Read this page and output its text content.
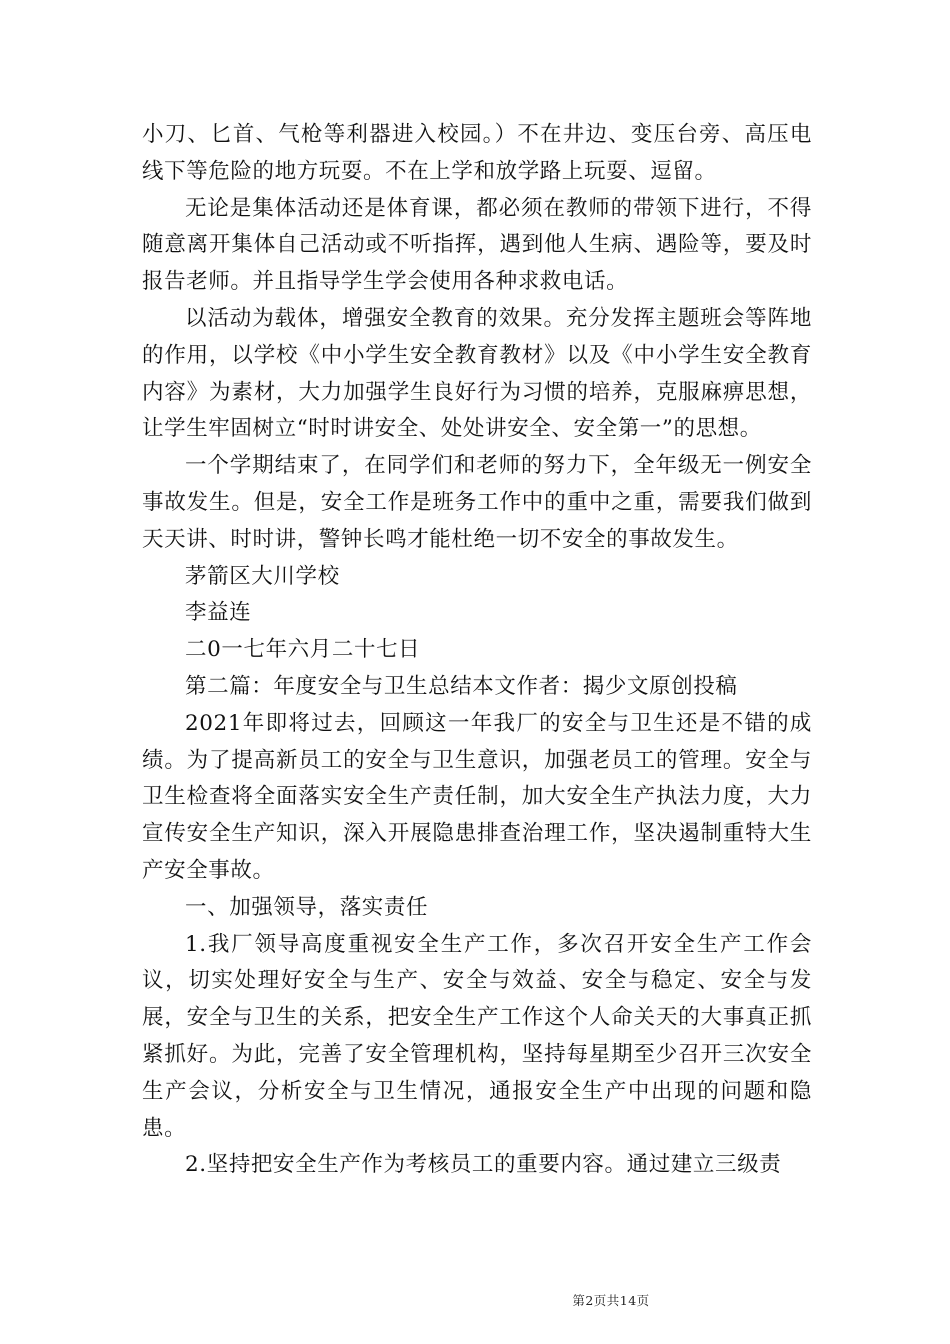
小刀、匕首、气枪等利器进入校园。）不在井边、变压台旁、高压电线下等危险的地方玩耍。不在上学和放学路上玩耍、逗留。

无论是集体活动还是体育课，都必须在教师的带领下进行，不得随意离开集体自己活动或不听指挥，遇到他人生病、遇险等，要及时报告老师。并且指导学生学会使用各种求救电话。

以活动为载体，增强安全教育的效果。充分发挥主题班会等阵地的作用，以学校《中小学生安全教育教材》以及《中小学生安全教育内容》为素材，大力加强学生良好行为习惯的培养，克服麻痹思想，让学生牢固树立“时时讲安全、处处讲安全、安全第一”的思想。

一个学期结束了，在同学们和老师的努力下，全年级无一例安全事故发生。但是，安全工作是班务工作中的重中之重，需要我们做到天天讲、时时讲，警钟长鸣才能杜绝一切不安全的事故发生。

茅箭区大川学校

李益连

二0一七年六月二十七日

第二篇：年度安全与卫生总结本文作者：揭少文原创投稿

2021年即将过去，回顾这一年我厂的安全与卫生还是不错的成绩。为了提高新员工的安全与卫生意识，加强老员工的管理。安全与卫生检查将全面落实安全生产责任制，加大安全生产执法力度，大力宣传安全生产知识，深入开展隐患排查治理工作，坚决遏制重特大生产安全事故。

一、加强领导，落实责任

1.我厂领导高度重视安全生产工作，多次召开安全生产工作会议，切实处理好安全与生产、安全与效益、安全与稳定、安全与发展，安全与卫生的关系，把安全生产工作这个人命关天的大事真正抓紧抓好。为此，完善了安全管理机构，坚持每星期至少召开三次安全生产会议，分析安全与卫生情况，通报安全生产中出现的问题和隐患。

2.坚持把安全生产作为考核员工的重要内容。通过建立三级责

第2页共14页
